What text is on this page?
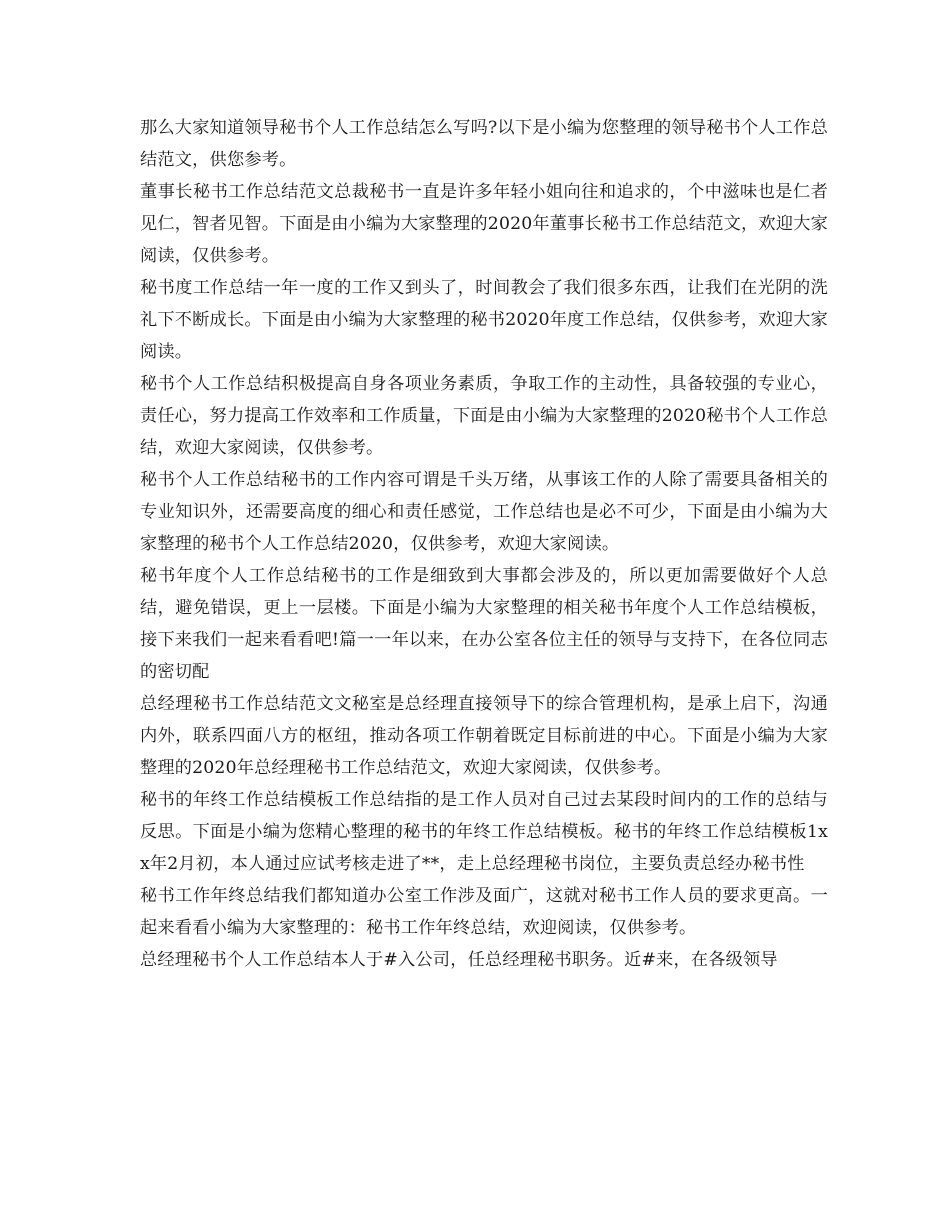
那么大家知道领导秘书个人工作总结怎么写吗?以下是小编为您整理的领导秘书个人工作总结范文，供您参考。

董事长秘书工作总结范文总裁秘书一直是许多年轻小姐向往和追求的，个中滋味也是仁者见仁，智者见智。下面是由小编为大家整理的2020年董事长秘书工作总结范文，欢迎大家阅读，仅供参考。

秘书度工作总结一年一度的工作又到头了，时间教会了我们很多东西，让我们在光阴的洗礼下不断成长。下面是由小编为大家整理的秘书2020年度工作总结，仅供参考，欢迎大家阅读。

秘书个人工作总结积极提高自身各项业务素质，争取工作的主动性，具备较强的专业心，责任心，努力提高工作效率和工作质量，下面是由小编为大家整理的2020秘书个人工作总结，欢迎大家阅读，仅供参考。

秘书个人工作总结秘书的工作内容可谓是千头万绪，从事该工作的人除了需要具备相关的专业知识外，还需要高度的细心和责任感觉，工作总结也是必不可少，下面是由小编为大家整理的秘书个人工作总结2020，仅供参考，欢迎大家阅读。

秘书年度个人工作总结秘书的工作是细致到大事都会涉及的，所以更加需要做好个人总结，避免错误，更上一层楼。下面是小编为大家整理的相关秘书年度个人工作总结模板，接下来我们一起来看看吧!篇一一年以来，在办公室各位主任的领导与支持下，在各位同志的密切配

总经理秘书工作总结范文文秘室是总经理直接领导下的综合管理机构，是承上启下，沟通内外，联系四面八方的枢纽，推动各项工作朝着既定目标前进的中心。下面是小编为大家整理的2020年总经理秘书工作总结范文，欢迎大家阅读，仅供参考。

秘书的年终工作总结模板工作总结指的是工作人员对自己过去某段时间内的工作的总结与反思。下面是小编为您精心整理的秘书的年终工作总结模板。秘书的年终工作总结模板1xx年2月初，本人通过应试考核走进了**，走上总经理秘书岗位，主要负责总经办秘书性

秘书工作年终总结我们都知道办公室工作涉及面广，这就对秘书工作人员的要求更高。一起来看看小编为大家整理的：秘书工作年终总结，欢迎阅读，仅供参考。

总经理秘书个人工作总结本人于#入公司，任总经理秘书职务。近#来，在各级领导
